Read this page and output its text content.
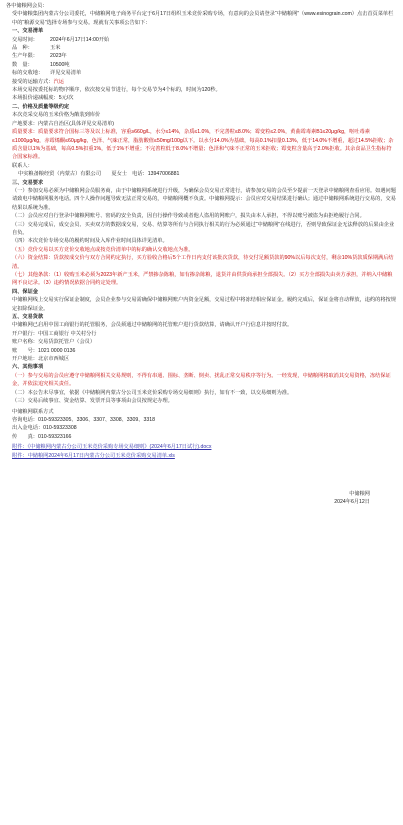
各中储粮网会员：

受中储粮集团内蒙古分公司委托，中储粮网电子商务平台定于6月17日组织玉米竞价采购专场，有意向的会员请登录“中储粮网”（www.esinograin.com）点击首页菜单栏中的“粮源交易”选择专场参与交易。现就有关事项公告如下：

一、交易清单

交易时间： 2024年6月17日14:00开始

品　种：	玉米

生产年限： 2023年

数　量：	10500吨

标的交收地： 详见交易清单

接受的运输方式：汽运

本场交易按委托标的物序顺序，依次按交易节进行，每个交易节为4个标的，时间为120秒。

本场报价递减幅度：5元/次

二、价格及质量等级约定

本次竞采交易的玉米价格为敞装到库价

产地要求：内蒙古自治区(具体详见交易清单)

质量要求：质量要求符合国标三等及以上标准，容重≥660g/L，水分≤14%，杂质≤1.0%，不完善粒≤8.0%；霉变粒≤2.0%，黄曲霉毒素B1≤20μg/kg，呕吐毒素≤1000μg/kg，赤霉烯酮≤60μg/kg，色泽、气味正常，脂肪酸值≤50mg/100g以下。以水分14.0%为基础，每高0.1%扣量0.13%，低于14.0%不增重，超过14.5%拒收；杂质含量以1%为基础，每高0.5%扣重1%，低于1%不增重；不完善粒低于8.0%不增量；色泽和气味不正常的玉米拒收；霉变粒含量高于2.0%拒收。其余食品卫生指标符合国家标准。

联系人：

中实粮备粮经贸（内蒙古）有限公司　　夏女士　电话：13947006881

三、交易要求

（一）参加交易必须为中储粮网会员服务商，由于中储粮网系统进行升级，为确保会员交易正常进行，请参加交易的会员至少提前一天登录中储粮网查看应用。如遇问题请致电中储粮网服务电话。四个人操作问题导致无法正常交易的，中储粮网概不负责。中储粮网提示：会员应对交易结果进行确认；通过中储粮网系统进行交易的，交易结果以系统为准。

（二）会员应对自行登录中储粮网账号、密码的安全负责，因自行操作导致或者他人盗用的网账户，损失由本人承担，不得以账号被盗为由拒绝履行合同。

（三）交易完成后，成交会员、买卖双方的数据成交易，交易、结算等所有与合同执行相关的行为必须通过“中储粮网”在线进行，否则导致保证金无法释放的后果由企业自负。

（四）本次竞价专场交易的履约时间及入库作业时间具体详见清单。

（五）竞价交易以买方竞价交收地点或按竞价清单中的标的确认交收地点为准。

（六）资金结算：货款按成交价与双方合同约定执行，买方验收合格后5个工作日内支付该批次货款，待交付足额货款的90%以后每次支付，剩余10%货款质保期满后结清。

（七）其他条款：（1）收购玉米必须为2023年新产玉米，严禁掺杂陈粮，如有掺杂陈粮，退货并由供货商承担全部损失。（2）买方全部损失由卖方承担，并纳入中储粮网不良记录。（3）违约情况依据合同约定处理。

四、保证金

中储粮网线上交易实行保证金制度，会员企业参与交易需确保中储粮网账户内资金足额，交易过程中将冻结相应保证金。履约完成后，保证金将自动释放，违约的将按规定扣除保证金。

五、交易货款

中储粮网已启用中国工商银行的托管服务，会员须通过中储粮网的托管账户进行货款结算，请确认开户行信息并按时付款。

开户银行：中国工商银行 中关村分行

账户名称：交易货款托管户（会员）

账　　号：1021 0000 0136

开户地址：北京市西城区

六、其他事项

（一）参与交易的会员应遵守中储粮网相关交易规则，不得有串通、围标、垄断、倒卖、扰乱正常交易秩序等行为。一经发现，中储粮网将取消其交易资格，冻结保证金，并依法追究相关责任。

（二）本公告未尽事宜，依据《中储粮网内蒙古分公司玉米竞价采购专场交易细则》执行，如有不一致，以交易细则为准。

（三）交易后续事宜、资金结算、发票开具等事项由会员按规定办理。

中储粮网联系方式

咨询电话：010-59323305、3306、3307、3308、3309、3318

出入金电话：010-59323308

传　　真：010-59323166

附件：《中储粮网内蒙古分公司玉米竞价采购专场交易细则》(2024年6月17日试行).docx

附件：中储粮网2024年6月17日内蒙古分公司玉米竞价采购交易清单.xls

中储粮网

2024年6月12日
